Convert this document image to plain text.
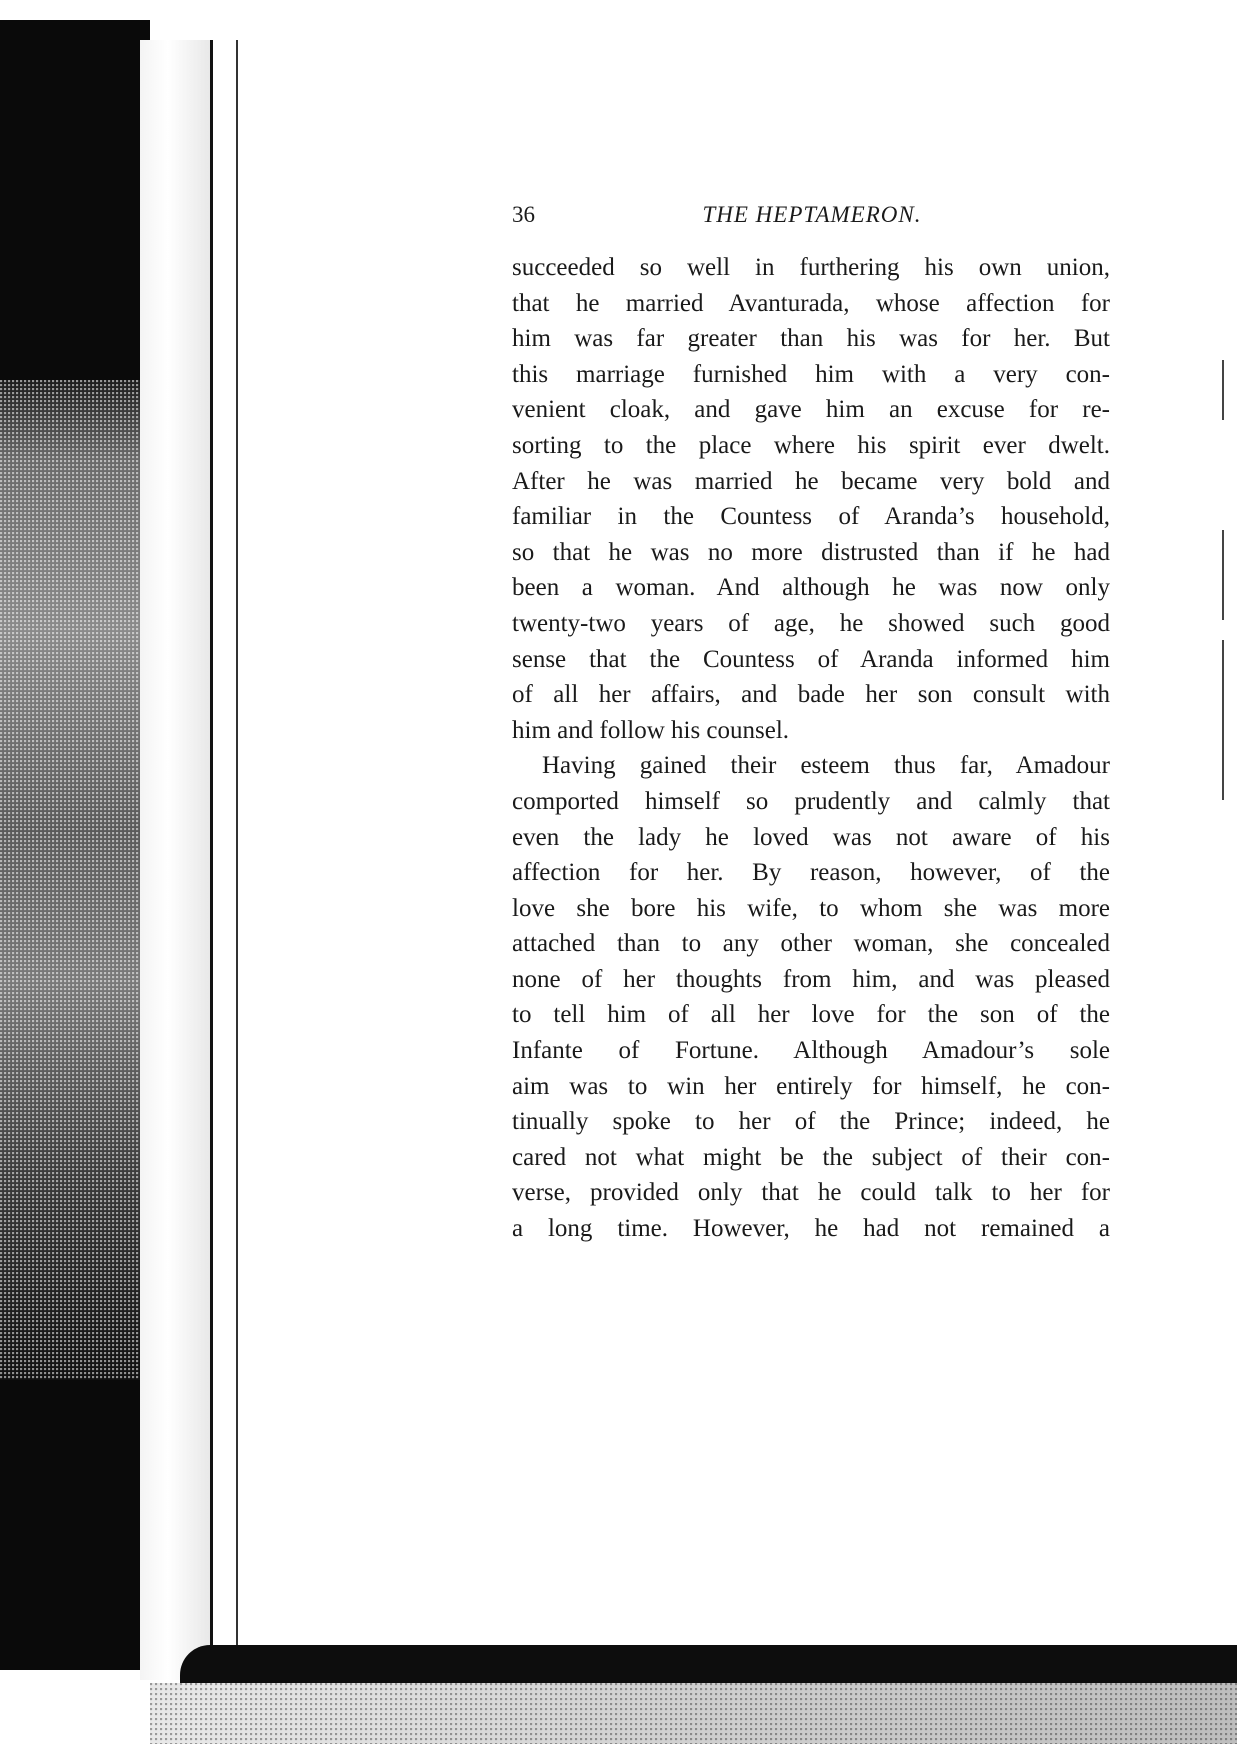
36	THE HEPTAMERON.
succeeded so well in furthering his own union,
that he married Avanturada, whose affection for
him was far greater than his was for her. But
this marriage furnished him with a very con-
venient cloak, and gave him an excuse for re-
sorting to the place where his spirit ever dwelt.
After he was married he became very bold and
familiar in the Countess of Aranda’s household,
so that he was no more distrusted than if he had
been a woman. And although he was now only
twenty-two years of age, he showed such good
sense that the Countess of Aranda informed him
of all her affairs, and bade her son consult with
him and follow his counsel.
Having gained their esteem thus far, Amadour
comported himself so prudently and calmly that
even the lady he loved was not aware of his
affection for her. By reason, however, of the
love she bore his wife, to whom she was more
attached than to any other woman, she concealed
none of her thoughts from him, and was pleased
to tell him of all her love for the son of the
Infante of Fortune. Although Amadour’s sole
aim was to win her entirely for himself, he con-
tinually spoke to her of the Prince; indeed, he
cared not what might be the subject of their con-
verse, provided only that he could talk to her for
a long time. However, he had not remained a
